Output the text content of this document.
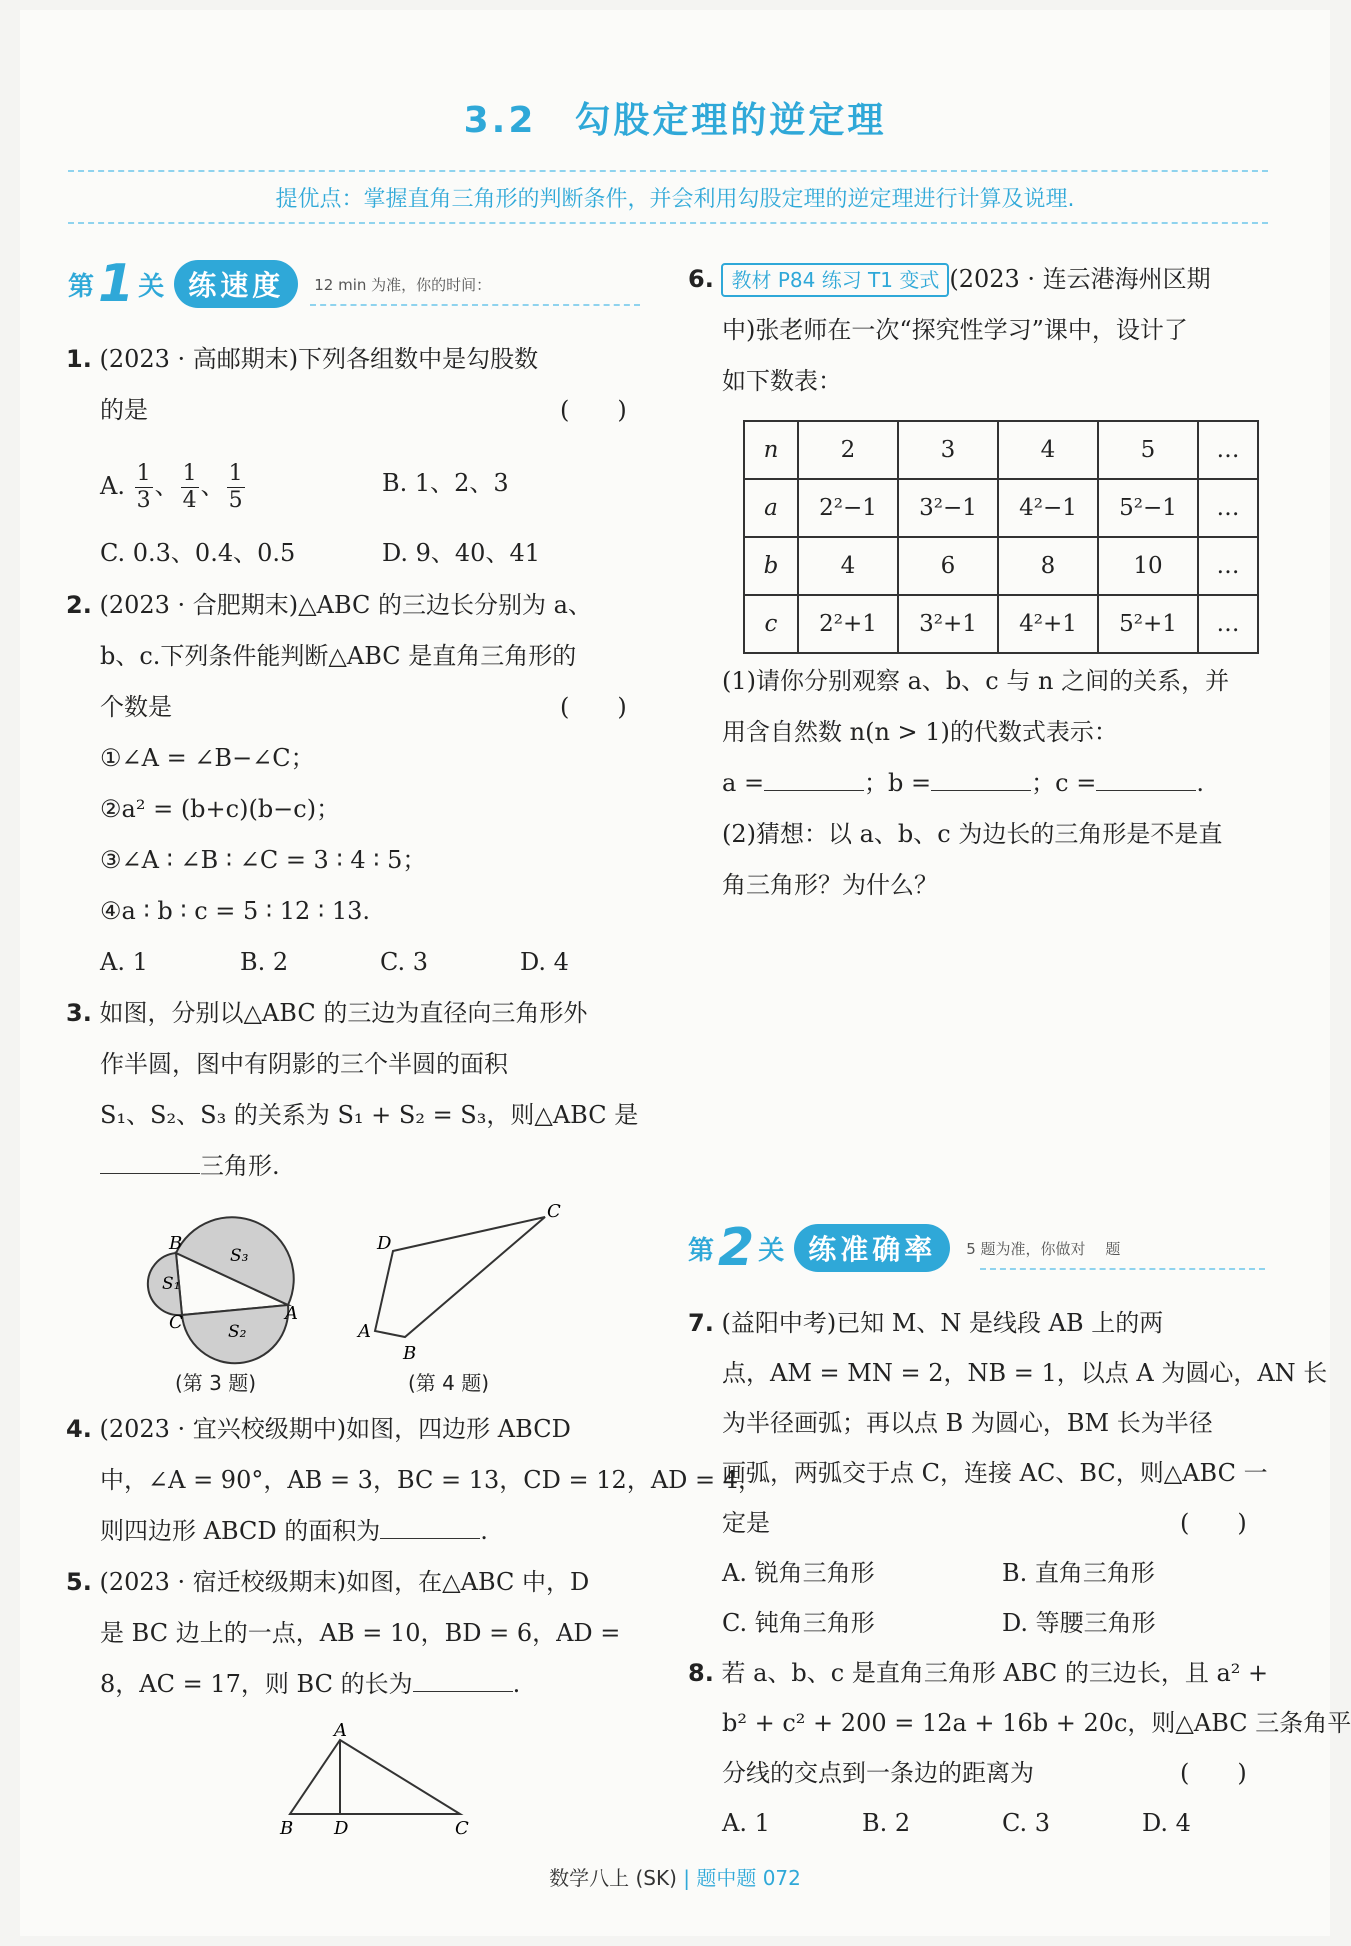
3.2 勾股定理的逆定理
提优点：掌握直角三角形的判断条件，并会利用勾股定理的逆定理进行计算及说理.
第 1 关 练速度	12 min 为准，你的时间：
1. (2023 · 高邮期末)下列各组数中是勾股数
的是	(　　)
A. $\frac{1}{3}$ 、 $\frac{1}{4}$ 、 $\frac{1}{5}$	B. 1、2、3
C. 0.3、0.4、0.5	D. 9、40、41
2. (2023 · 合肥期末)△ABC 的三边长分别为 a、
b、c.下列条件能判断△ABC 是直角三角形的
个数是	(　　)
①∠A = ∠B−∠C；
②a² = (b+c)(b−c)；
③∠A ∶ ∠B ∶ ∠C = 3 ∶ 4 ∶ 5；
④a ∶ b ∶ c = 5 ∶ 12 ∶ 13.
A. 1	B. 2	C. 3	D. 4
3. 如图，分别以△ABC 的三边为直径向三角形外
作半圆，图中有阴影的三个半圆的面积
S₁、S₂、S₃ 的关系为 S₁ + S₂ = S₃，则△ABC 是
三角形.
B
C	A
S₁
S₂
S₃
(第 3 题)
D
A
B
C
(第 4 题)
4. (2023 · 宜兴校级期中)如图，四边形 ABCD
中，∠A = 90°，AB = 3，BC = 13，CD = 12，AD = 4，
则四边形 ABCD 的面积为	.
5. (2023 · 宿迁校级期末)如图，在△ABC 中，D
是 BC 边上的一点，AB = 10，BD = 6，AD =
8，AC = 17，则 BC 的长为	.
A
B D	C
6. 教材 P84 练习 T1 变式 (2023 · 连云港海州区期
中)张老师在一次“探究性学习”课中，设计了
如下数表：
n	2	3	4	5	…
a	2²−1	3²−1	4²−1	5²−1	…
b	4	6	8	10	…
c	2²+1	3²+1	4²+1	5²+1	…
(1)请你分别观察 a、b、c 与 n 之间的关系，并
用含自然数 n(n > 1)的代数式表示：
a =	；b =	；c =	.
(2)猜想：以 a、b、c 为边长的三角形是不是直
角三角形？为什么？
第 2 关 练准确率	5 题为准，你做对　 题
7. (益阳中考)已知 M、N 是线段 AB 上的两
点，AM = MN = 2，NB = 1，以点 A 为圆心，AN 长
为半径画弧；再以点 B 为圆心，BM 长为半径
画弧，两弧交于点 C，连接 AC、BC，则△ABC 一
定是	(　　)
A. 锐角三角形	B. 直角三角形
C. 钝角三角形	D. 等腰三角形
8. 若 a、b、c 是直角三角形 ABC 的三边长，且 a² +
b² + c² + 200 = 12a + 16b + 20c，则△ABC 三条角平
分线的交点到一条边的距离为	(　　)
A. 1	B. 2	C. 3	D. 4
数学八上 (SK) | 题中题 072
